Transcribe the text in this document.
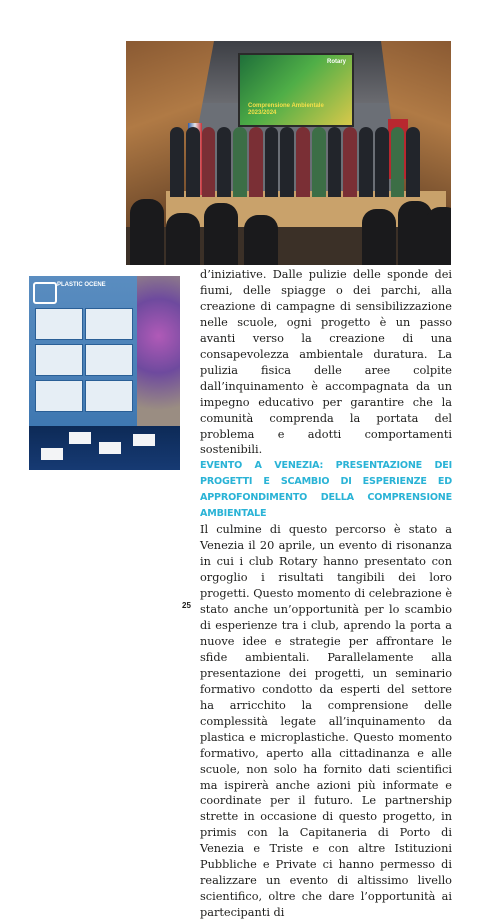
Rotary
Comprensione Ambientale 2023/2024
PLASTIC OCENE

d’iniziative. Dalle pulizie delle sponde dei fiumi, delle spiagge o dei parchi, alla creazione di campagne di sensibilizzazione nelle scuole, ogni progetto è un passo avanti verso la creazione di una consapevolezza ambientale duratura. La pulizia fisica delle aree colpite dall’inquinamento è accompagnata da un impegno educativo per garantire che la comunità comprenda la portata del problema e adotti comportamenti sostenibili.

EVENTO A VENEZIA: PRESENTAZIONE DEI PROGETTI E SCAMBIO DI ESPERIENZE ED APPROFONDIMENTO DELLA COMPRENSIONE AMBIENTALE

Il culmine di questo percorso è stato a Venezia il 20 aprile, un evento di risonanza in cui i club Rotary hanno presentato con orgoglio i risultati tangibili dei loro progetti. Questo momento di celebrazione è stato anche un’opportunità per lo scambio di esperienze tra i club, aprendo la porta a nuove idee e strategie per affrontare le sfide ambientali. Parallelamente alla presentazione dei progetti, un seminario formativo condotto da esperti del settore ha arricchito la comprensione delle complessità legate all’inquinamento da plastica e microplastiche. Questo momento formativo, aperto alla cittadinanza e alle scuole, non solo ha fornito dati scientifici ma ispirerà anche azioni più informate e coordinate per il futuro. Le partnership strette in occasione di questo progetto, in primis con la Capitaneria di Porto di Venezia e Triste e con altre Istituzioni Pubbliche e Private ci hanno permesso di realizzare un evento di altissimo livello scientifico, oltre che dare l’opportunità ai partecipanti di

25
